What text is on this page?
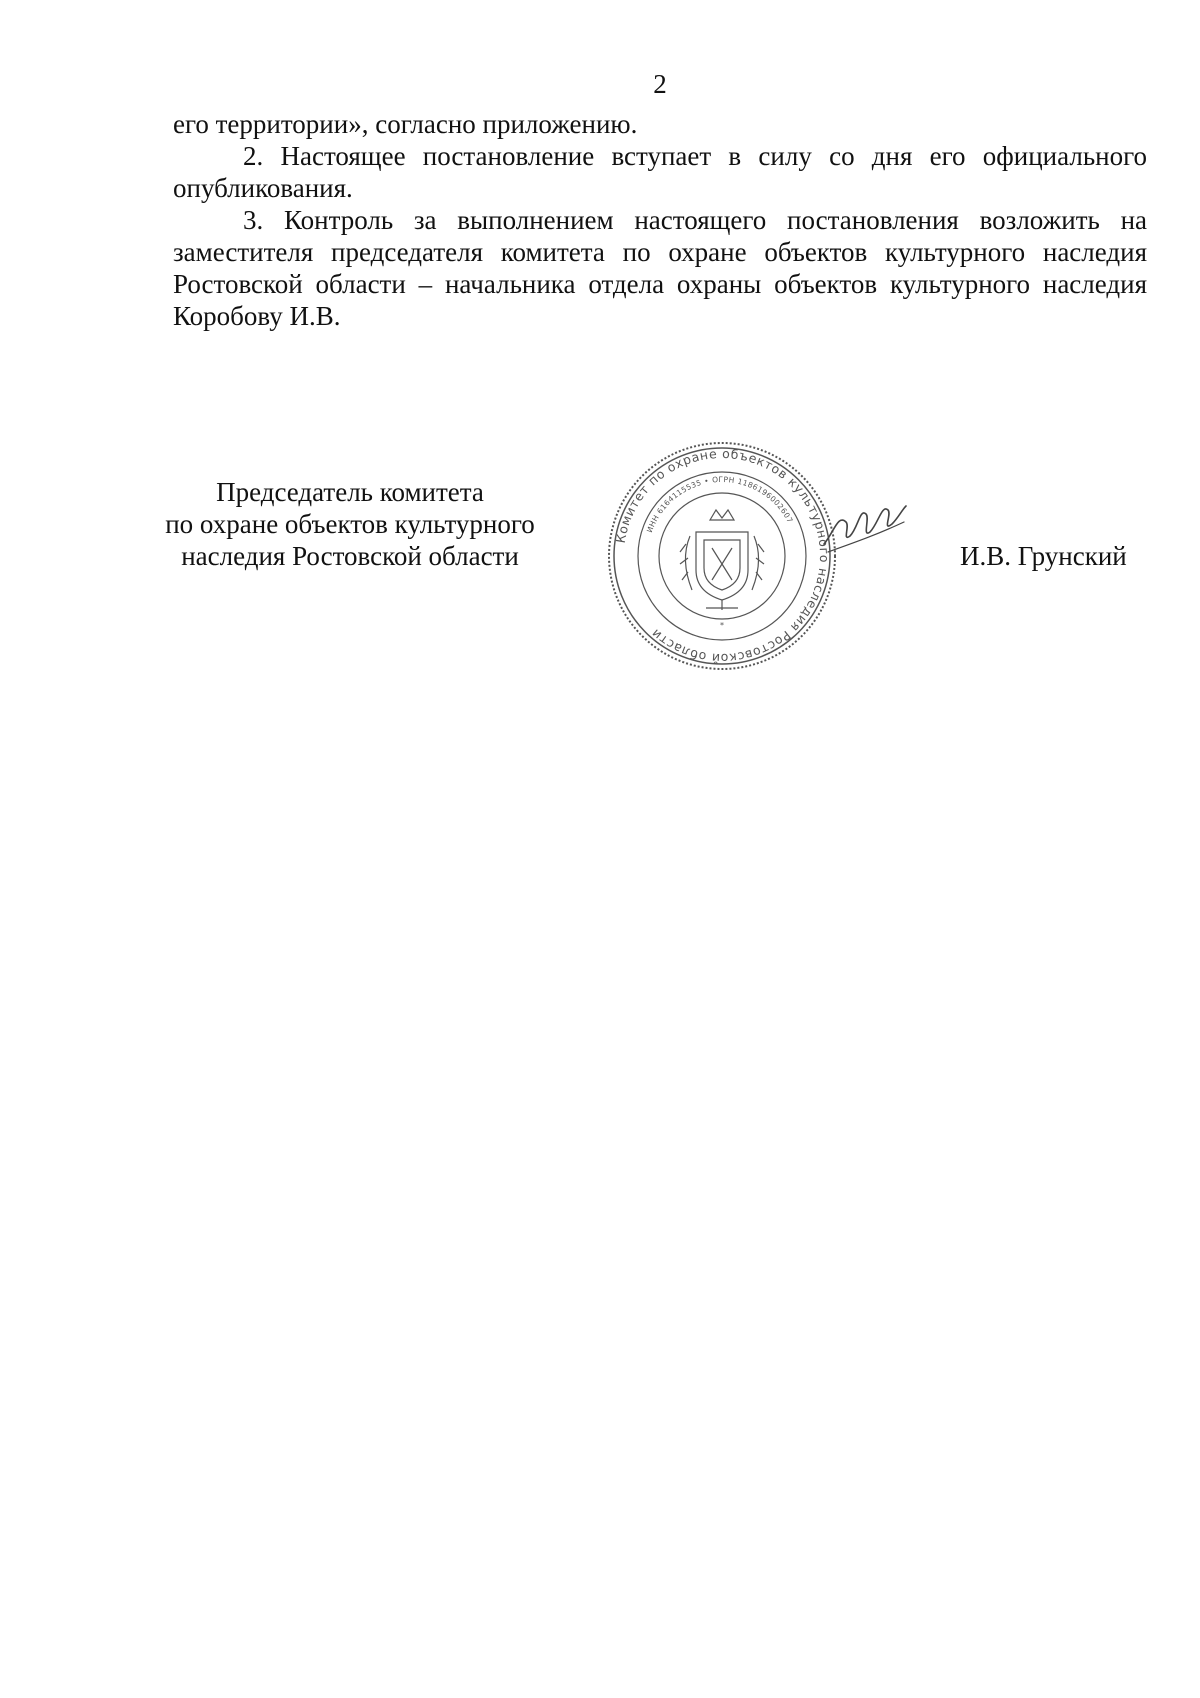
2

его территории», согласно приложению.

2. Настоящее постановление вступает в силу со дня его официального опубликования.

3. Контроль за выполнением настоящего постановления возложить на заместителя председателя комитета по охране объектов культурного наследия Ростовской области – начальника отдела охраны объектов культурного наследия Коробову И.В.

Председатель комитета
по охране объектов культурного
наследия Ростовской области
Комитет по охране объектов культурного наследия Ростовской области
ИНН 6164115535 • ОГРН 1186196002607
*
И.В. Грунский
